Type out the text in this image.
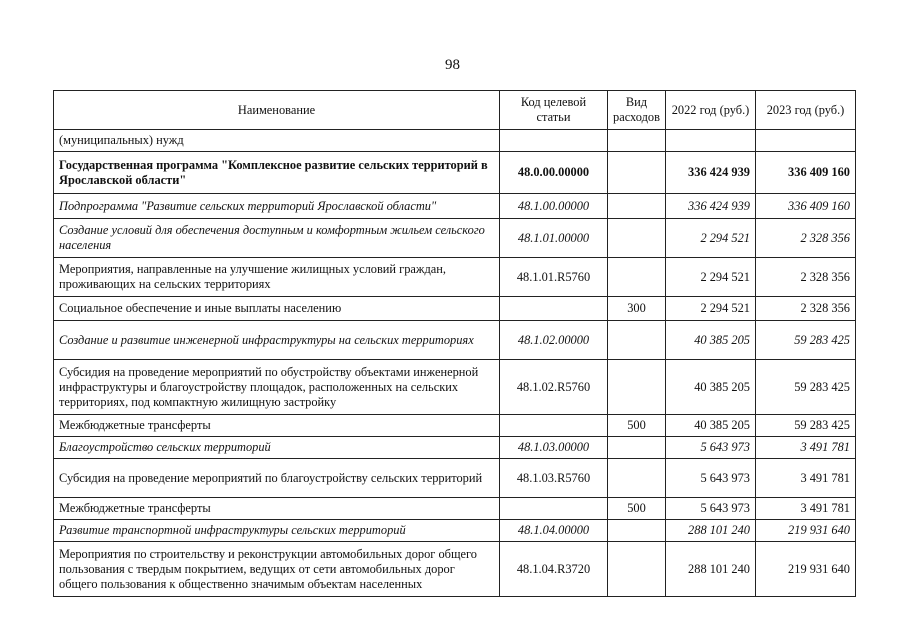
98
Наименование	Код целевой статьи	Вид расходов	2022 год (руб.)	2023 год (руб.)
(муниципальных) нужд				
Государственная программа "Комплексное развитие сельских территорий в Ярославской области"	48.0.00.00000		336 424 939	336 409 160
Подпрограмма "Развитие сельских территорий Ярославской области"	48.1.00.00000		336 424 939	336 409 160
Создание условий для обеспечения доступным и комфортным жильем сельского населения	48.1.01.00000		2 294 521	2 328 356
Мероприятия, направленные на улучшение жилищных условий граждан, проживающих на сельских территориях	48.1.01.R5760		2 294 521	2 328 356
Социальное обеспечение и иные выплаты населению		300	2 294 521	2 328 356
Создание и развитие инженерной инфраструктуры на сельских территориях	48.1.02.00000		40 385 205	59 283 425
Субсидия на проведение мероприятий по обустройству объектами инженерной инфраструктуры и благоустройству площадок, расположенных на сельских территориях, под компактную жилищную застройку	48.1.02.R5760		40 385 205	59 283 425
Межбюджетные трансферты		500	40 385 205	59 283 425
Благоустройство сельских территорий	48.1.03.00000		5 643 973	3 491 781
Субсидия на проведение мероприятий по благоустройству сельских территорий	48.1.03.R5760		5 643 973	3 491 781
Межбюджетные трансферты		500	5 643 973	3 491 781
Развитие транспортной инфраструктуры сельских территорий	48.1.04.00000		288 101 240	219 931 640
Мероприятия по строительству и реконструкции автомобильных дорог общего пользования с твердым покрытием, ведущих от сети автомобильных дорог общего пользования к общественно значимым объектам населенных	48.1.04.R3720		288 101 240	219 931 640
